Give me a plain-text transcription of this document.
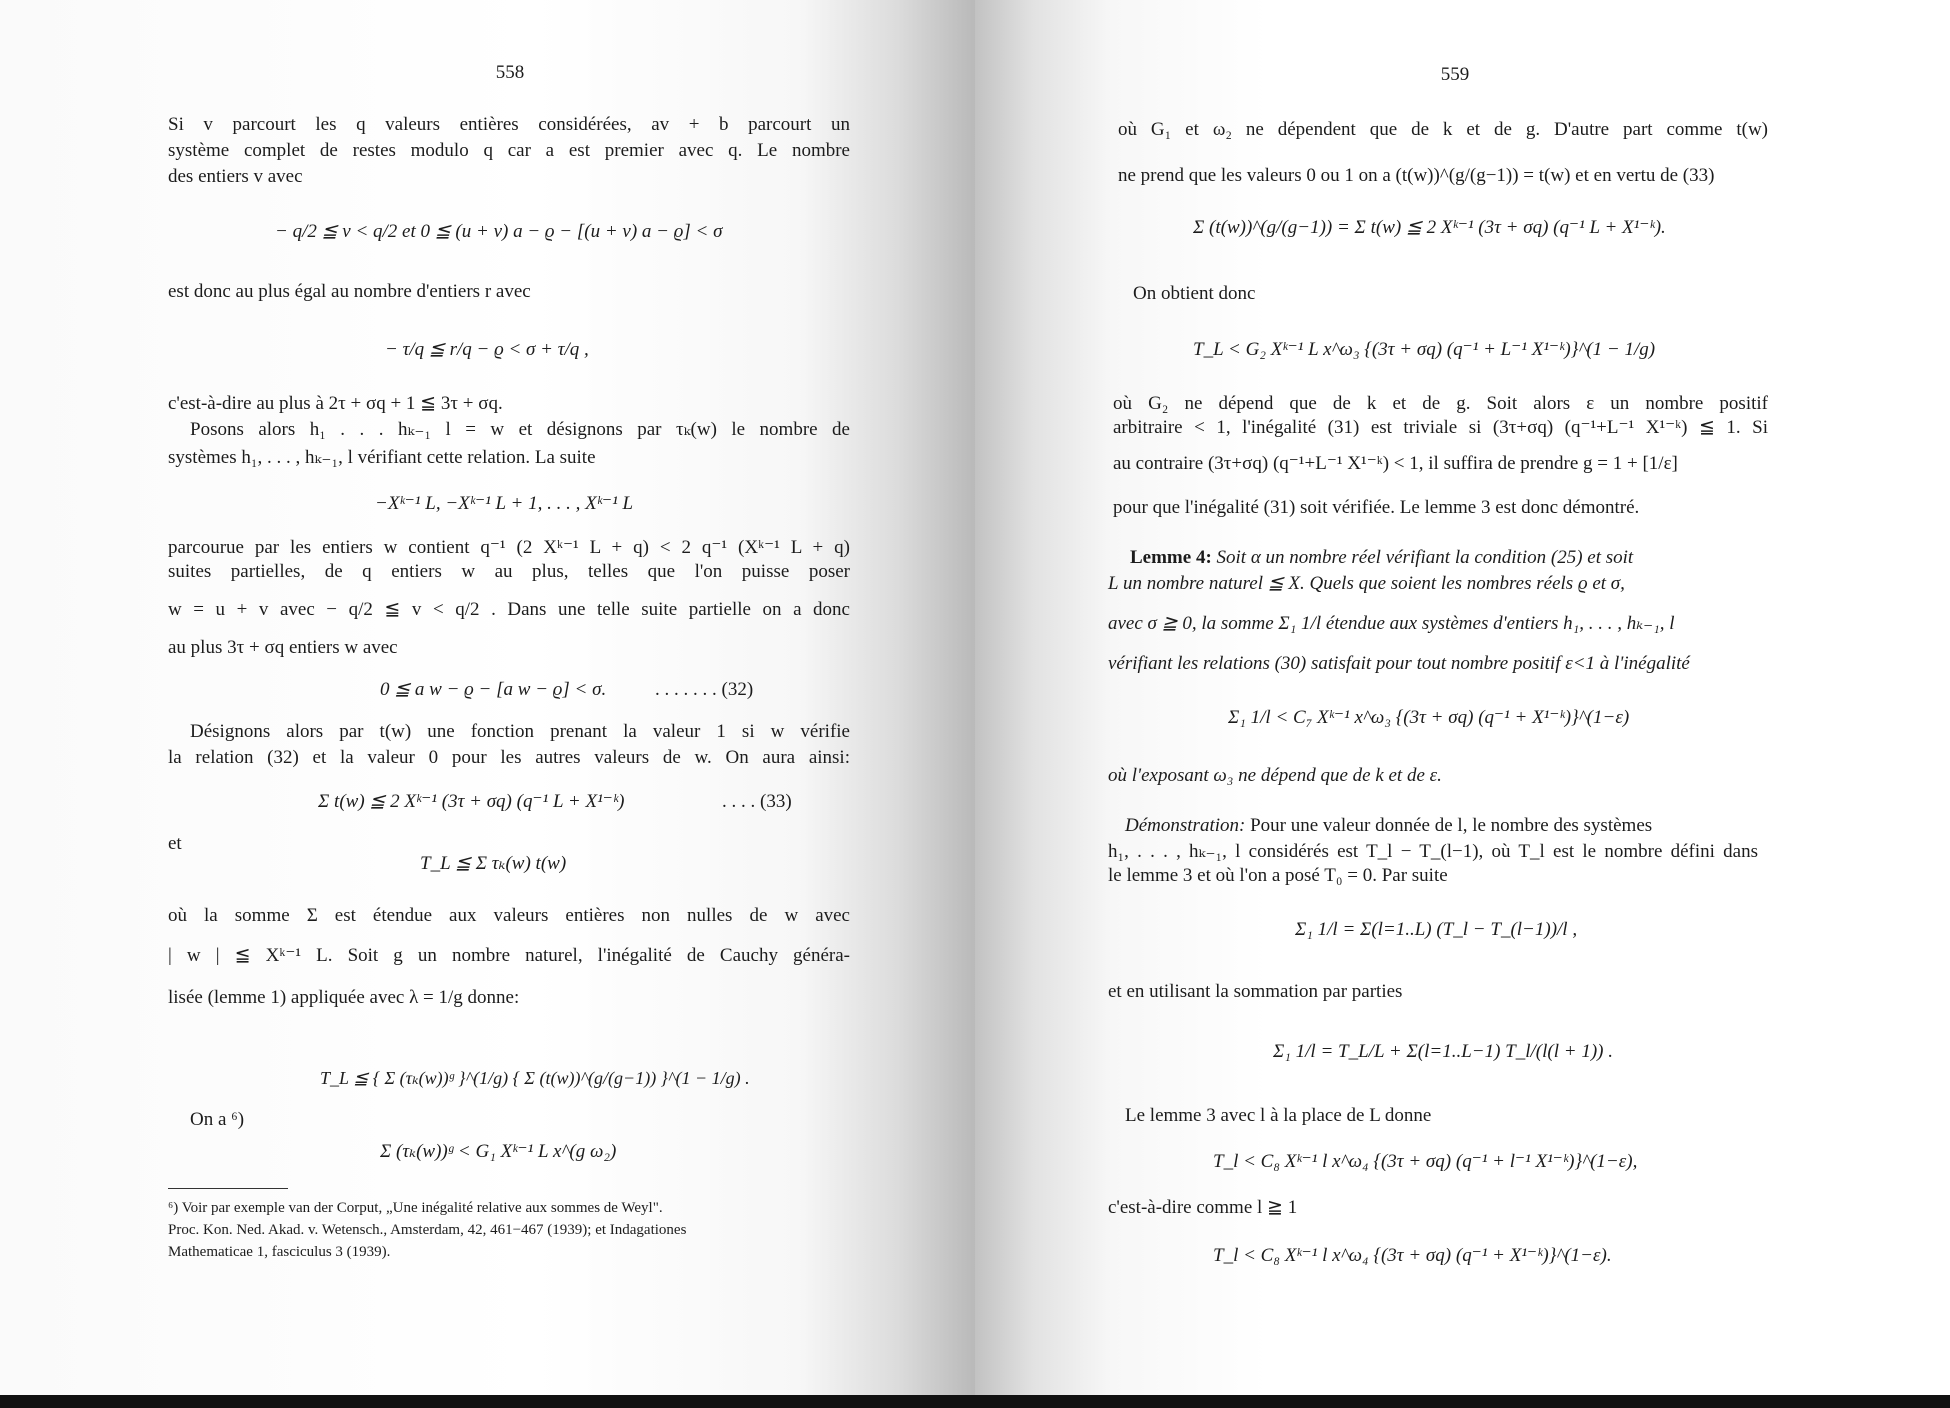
558
Si v parcourt les q valeurs entières considérées, av + b parcourt un
système complet de restes modulo q car a est premier avec q. Le nombre
des entiers v avec
− q/2 ≦ v < q/2 et 0 ≦ (u + v) a − ϱ − [(u + v) a − ϱ] < σ
est donc au plus égal au nombre d'entiers r avec
− τ/q ≦ r/q − ϱ < σ + τ/q ,
c'est-à-dire au plus à 2τ + σq + 1 ≦ 3τ + σq.
Posons alors h₁ . . . hₖ₋₁ l = w et désignons par τₖ(w) le nombre de
systèmes h₁, . . . , hₖ₋₁, l vérifiant cette relation. La suite
−Xᵏ⁻¹ L, −Xᵏ⁻¹ L + 1, . . . , Xᵏ⁻¹ L
parcourue par les entiers w contient q⁻¹ (2 Xᵏ⁻¹ L + q) < 2 q⁻¹ (Xᵏ⁻¹ L + q)
suites partielles, de q entiers w au plus, telles que l'on puisse poser
w = u + v avec − q/2 ≦ v < q/2 . Dans une telle suite partielle on a donc
au plus 3τ + σq entiers w avec
0 ≦ a w − ϱ − [a w − ϱ] < σ.	. . . . . . . (32)
Désignons alors par t(w) une fonction prenant la valeur 1 si w vérifie
la relation (32) et la valeur 0 pour les autres valeurs de w. On aura ainsi:
Σ t(w) ≦ 2 Xᵏ⁻¹ (3τ + σq) (q⁻¹ L + X¹⁻ᵏ)	. . . . (33)
et
T_L ≦ Σ τₖ(w) t(w)
où la somme Σ est étendue aux valeurs entières non nulles de w avec
| w | ≦ Xᵏ⁻¹ L. Soit g un nombre naturel, l'inégalité de Cauchy généra-
lisée (lemme 1) appliquée avec λ = 1/g donne:
T_L ≦ { Σ (τₖ(w))ᵍ }^(1/g) { Σ (t(w))^(g/(g−1)) }^(1 − 1/g) .
On a ⁶)
Σ (τₖ(w))ᵍ < G₁ Xᵏ⁻¹ L x^(g ω₂)
⁶) Voir par exemple van der Corput, „Une inégalité relative aux sommes de Weyl".
Proc. Kon. Ned. Akad. v. Wetensch., Amsterdam, 42, 461−467 (1939); et Indagationes
Mathematicae 1, fasciculus 3 (1939).
559
où G₁ et ω₂ ne dépendent que de k et de g. D'autre part comme t(w)
ne prend que les valeurs 0 ou 1 on a (t(w))^(g/(g−1)) = t(w) et en vertu de (33)
Σ (t(w))^(g/(g−1)) = Σ t(w) ≦ 2 Xᵏ⁻¹ (3τ + σq) (q⁻¹ L + X¹⁻ᵏ).
On obtient donc
T_L < G₂ Xᵏ⁻¹ L x^ω₃ {(3τ + σq) (q⁻¹ + L⁻¹ X¹⁻ᵏ)}^(1 − 1/g)
où G₂ ne dépend que de k et de g. Soit alors ε un nombre positif
arbitraire < 1, l'inégalité (31) est triviale si (3τ+σq) (q⁻¹+L⁻¹ X¹⁻ᵏ) ≦ 1. Si
au contraire (3τ+σq) (q⁻¹+L⁻¹ X¹⁻ᵏ) < 1, il suffira de prendre g = 1 + [1/ε]
pour que l'inégalité (31) soit vérifiée. Le lemme 3 est donc démontré.
Lemme 4: Soit α un nombre réel vérifiant la condition (25) et soit
L un nombre naturel ≦ X. Quels que soient les nombres réels ϱ et σ,
avec σ ≧ 0, la somme Σ₁ 1/l étendue aux systèmes d'entiers h₁, . . . , hₖ₋₁, l
vérifiant les relations (30) satisfait pour tout nombre positif ε<1 à l'inégalité
Σ₁ 1/l < C₇ Xᵏ⁻¹ x^ω₃ {(3τ + σq) (q⁻¹ + X¹⁻ᵏ)}^(1−ε)
où l'exposant ω₃ ne dépend que de k et de ε.
Démonstration: Pour une valeur donnée de l, le nombre des systèmes
h₁, . . . , hₖ₋₁, l considérés est T_l − T_(l−1), où T_l est le nombre défini dans
le lemme 3 et où l'on a posé T₀ = 0. Par suite
Σ₁ 1/l = Σ(l=1..L) (T_l − T_(l−1))/l ,
et en utilisant la sommation par parties
Σ₁ 1/l = T_L/L + Σ(l=1..L−1) T_l/(l(l + 1)) .
Le lemme 3 avec l à la place de L donne
T_l < C₈ Xᵏ⁻¹ l x^ω₄ {(3τ + σq) (q⁻¹ + l⁻¹ X¹⁻ᵏ)}^(1−ε),
c'est-à-dire comme l ≧ 1
T_l < C₈ Xᵏ⁻¹ l x^ω₄ {(3τ + σq) (q⁻¹ + X¹⁻ᵏ)}^(1−ε).
